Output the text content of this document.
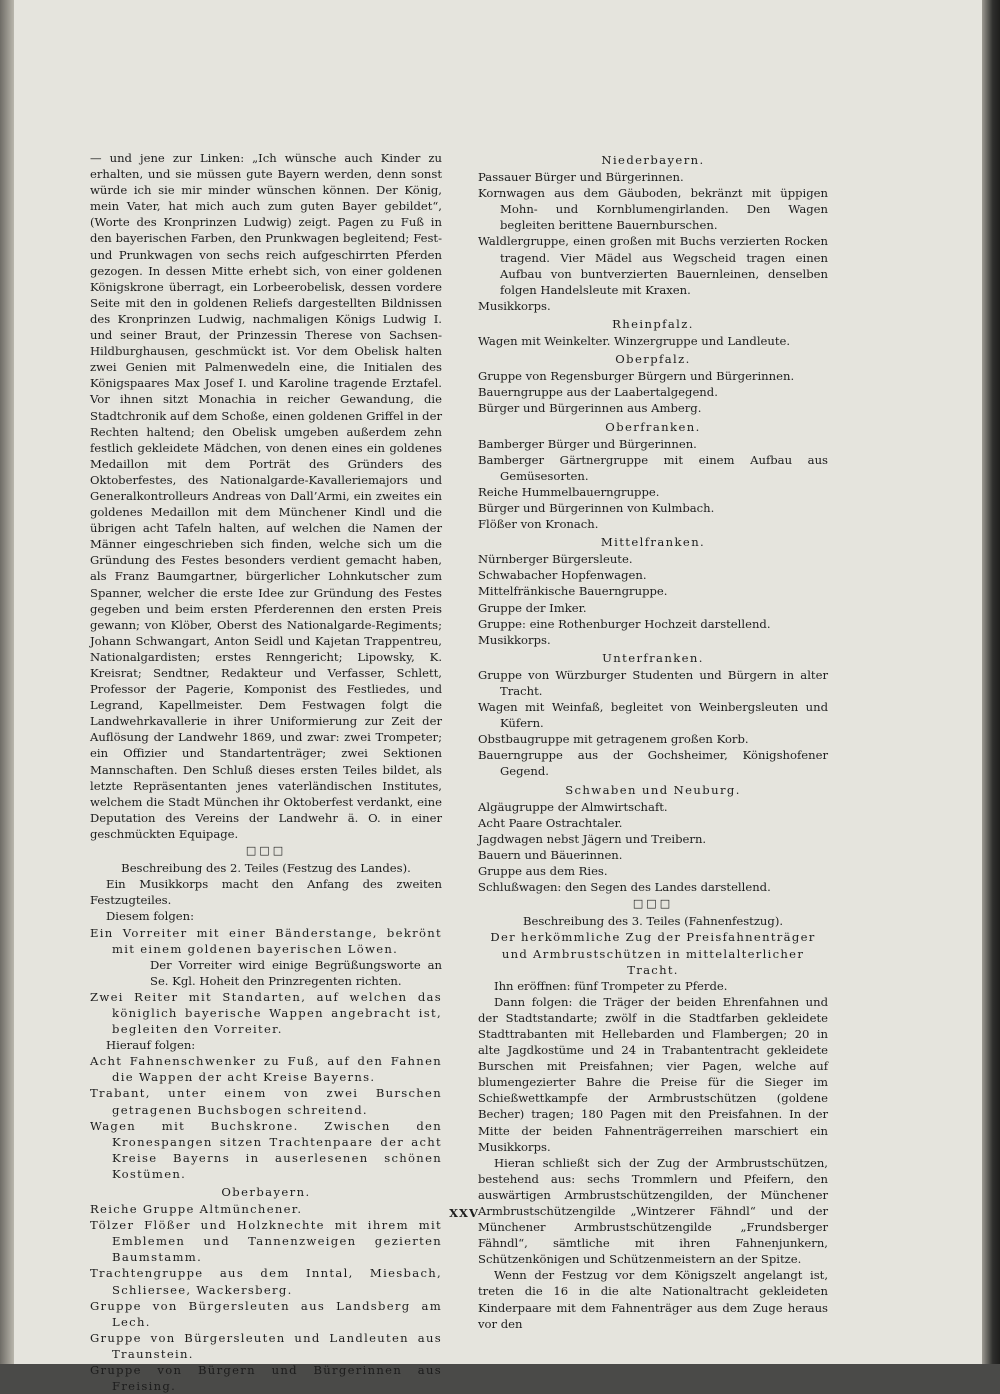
— und jene zur Linken: „Ich wünsche auch Kinder zu erhalten, und sie müssen gute Bayern werden, denn sonst würde ich sie mir minder wünschen können. Der König, mein Vater, hat mich auch zum guten Bayer gebildet“, (Worte des Kronprinzen Ludwig) zeigt. Pagen zu Fuß in den bayerischen Farben, den Prunkwagen begleitend; Fest- und Prunkwagen von sechs reich aufgeschirrten Pferden gezogen. In dessen Mitte erhebt sich, von einer goldenen Königskrone überragt, ein Lorbeerobelisk, dessen vordere Seite mit den in goldenen Reliefs dargestellten Bildnissen des Kronprinzen Ludwig, nachmaligen Königs Ludwig I. und seiner Braut, der Prinzessin Therese von Sachsen-Hildburghausen, geschmückt ist. Vor dem Obelisk halten zwei Genien mit Palmenwedeln eine, die Initialen des Königspaares Max Josef I. und Karoline tragende Erztafel. Vor ihnen sitzt Monachia in reicher Gewandung, die Stadtchronik auf dem Schoße, einen goldenen Griffel in der Rechten haltend; den Obelisk umgeben außerdem zehn festlich gekleidete Mädchen, von denen eines ein goldenes Medaillon mit dem Porträt des Gründers des Oktoberfestes, des Nationalgarde-Kavalleriemajors und Generalkontrolleurs Andreas von Dall’Armi, ein zweites ein goldenes Medaillon mit dem Münchener Kindl und die übrigen acht Tafeln halten, auf welchen die Namen der Männer eingeschrieben sich finden, welche sich um die Gründung des Festes besonders verdient gemacht haben, als Franz Baumgartner, bürgerlicher Lohnkutscher zum Spanner, welcher die erste Idee zur Gründung des Festes gegeben und beim ersten Pferderennen den ersten Preis gewann; von Klöber, Oberst des Nationalgarde-Regiments; Johann Schwangart, Anton Seidl und Kajetan Trappentreu, Nationalgardisten; erstes Renngericht; Lipowsky, K. Kreisrat; Sendtner, Redakteur und Verfasser, Schlett, Professor der Pagerie, Komponist des Festliedes, und Legrand, Kapellmeister. Dem Festwagen folgt die Landwehrkavallerie in ihrer Uniformierung zur Zeit der Auflösung der Landwehr 1869, und zwar: zwei Trompeter; ein Offizier und Standartenträger; zwei Sektionen Mannschaften. Den Schluß dieses ersten Teiles bildet, als letzte Repräsentanten jenes vaterländischen Institutes, welchem die Stadt München ihr Oktoberfest verdankt, eine Deputation des Vereins der Landwehr ä. O. in einer geschmückten Equipage.

□□□

Beschreibung des 2. Teiles (Festzug des Landes).

Ein Musikkorps macht den Anfang des zweiten Festzugteiles.

Diesem folgen:

Ein Vorreiter mit einer Bänderstange, bekrönt mit einem goldenen bayerischen Löwen.

Der Vorreiter wird einige Begrüßungsworte an Se. Kgl. Hoheit den Prinzregenten richten.

Zwei Reiter mit Standarten, auf welchen das königlich bayerische Wappen angebracht ist, begleiten den Vorreiter.

Hierauf folgen:

Acht Fahnenschwenker zu Fuß, auf den Fahnen die Wappen der acht Kreise Bayerns.

Trabant, unter einem von zwei Burschen getragenen Buchsbogen schreitend.

Wagen mit Buchskrone. Zwischen den Kronespangen sitzen Trachtenpaare der acht Kreise Bayerns in auserlesenen schönen Kostümen.

Oberbayern.

Reiche Gruppe Altmünchener.

Tölzer Flößer und Holzknechte mit ihrem mit Emblemen und Tannenzweigen gezierten Baumstamm.

Trachtengruppe aus dem Inntal, Miesbach, Schliersee, Wackersberg.

Gruppe von Bürgersleuten aus Landsberg am Lech.

Gruppe von Bürgersleuten und Landleuten aus Traunstein.

Gruppe von Bürgern und Bürgerinnen aus Freising.

Niederbayern.

Passauer Bürger und Bürgerinnen.

Kornwagen aus dem Gäuboden, bekränzt mit üppigen Mohn- und Kornblumengirlanden. Den Wagen begleiten berittene Bauernburschen.

Waldlergruppe, einen großen mit Buchs verzierten Rocken tragend. Vier Mädel aus Wegscheid tragen einen Aufbau von buntverzierten Bauernleinen, denselben folgen Handelsleute mit Kraxen.

Musikkorps.

Rheinpfalz.

Wagen mit Weinkelter. Winzergruppe und Landleute.

Oberpfalz.

Gruppe von Regensburger Bürgern und Bürgerinnen.

Bauerngruppe aus der Laabertalgegend.

Bürger und Bürgerinnen aus Amberg.

Oberfranken.

Bamberger Bürger und Bürgerinnen.

Bamberger Gärtnergruppe mit einem Aufbau aus Gemüsesorten.

Reiche Hummelbauerngruppe.

Bürger und Bürgerinnen von Kulmbach.

Flößer von Kronach.

Mittelfranken.

Nürnberger Bürgersleute.

Schwabacher Hopfenwagen.

Mittelfränkische Bauerngruppe.

Gruppe der Imker.

Gruppe: eine Rothenburger Hochzeit darstellend.

Musikkorps.

Unterfranken.

Gruppe von Würzburger Studenten und Bürgern in alter Tracht.

Wagen mit Weinfaß, begleitet von Weinbergsleuten und Küfern.

Obstbaugruppe mit getragenem großen Korb.

Bauerngruppe aus der Gochsheimer, Königshofener Gegend.

Schwaben und Neuburg.

Algäugruppe der Almwirtschaft.

Acht Paare Ostrachtaler.

Jagdwagen nebst Jägern und Treibern.

Bauern und Bäuerinnen.

Gruppe aus dem Ries.

Schlußwagen: den Segen des Landes darstellend.

□□□

Beschreibung des 3. Teiles (Fahnenfestzug).

Der herkömmliche Zug der Preisfahnenträger und Armbrustschützen in mittelalterlicher Tracht.

Ihn eröffnen: fünf Trompeter zu Pferde.

Dann folgen: die Träger der beiden Ehrenfahnen und der Stadtstandarte; zwölf in die Stadtfarben gekleidete Stadttrabanten mit Hellebarden und Flambergen; 20 in alte Jagdkostüme und 24 in Trabantentracht gekleidete Burschen mit Preisfahnen; vier Pagen, welche auf blumengezierter Bahre die Preise für die Sieger im Schießwettkampfe der Armbrustschützen (goldene Becher) tragen; 180 Pagen mit den Preisfahnen. In der Mitte der beiden Fahnenträgerreihen marschiert ein Musikkorps.

Hieran schließt sich der Zug der Armbrustschützen, bestehend aus: sechs Trommlern und Pfeifern, den auswärtigen Armbrustschützengilden, der Münchener Armbrustschützengilde „Wintzerer Fähndl“ und der Münchener Armbrustschützengilde „Frundsberger Fähndl“, sämtliche mit ihren Fahnenjunkern, Schützenkönigen und Schützenmeistern an der Spitze.

Wenn der Festzug vor dem Königszelt angelangt ist, treten die 16 in die alte Nationaltracht gekleideten Kinderpaare mit dem Fahnenträger aus dem Zuge heraus vor den

XXV
